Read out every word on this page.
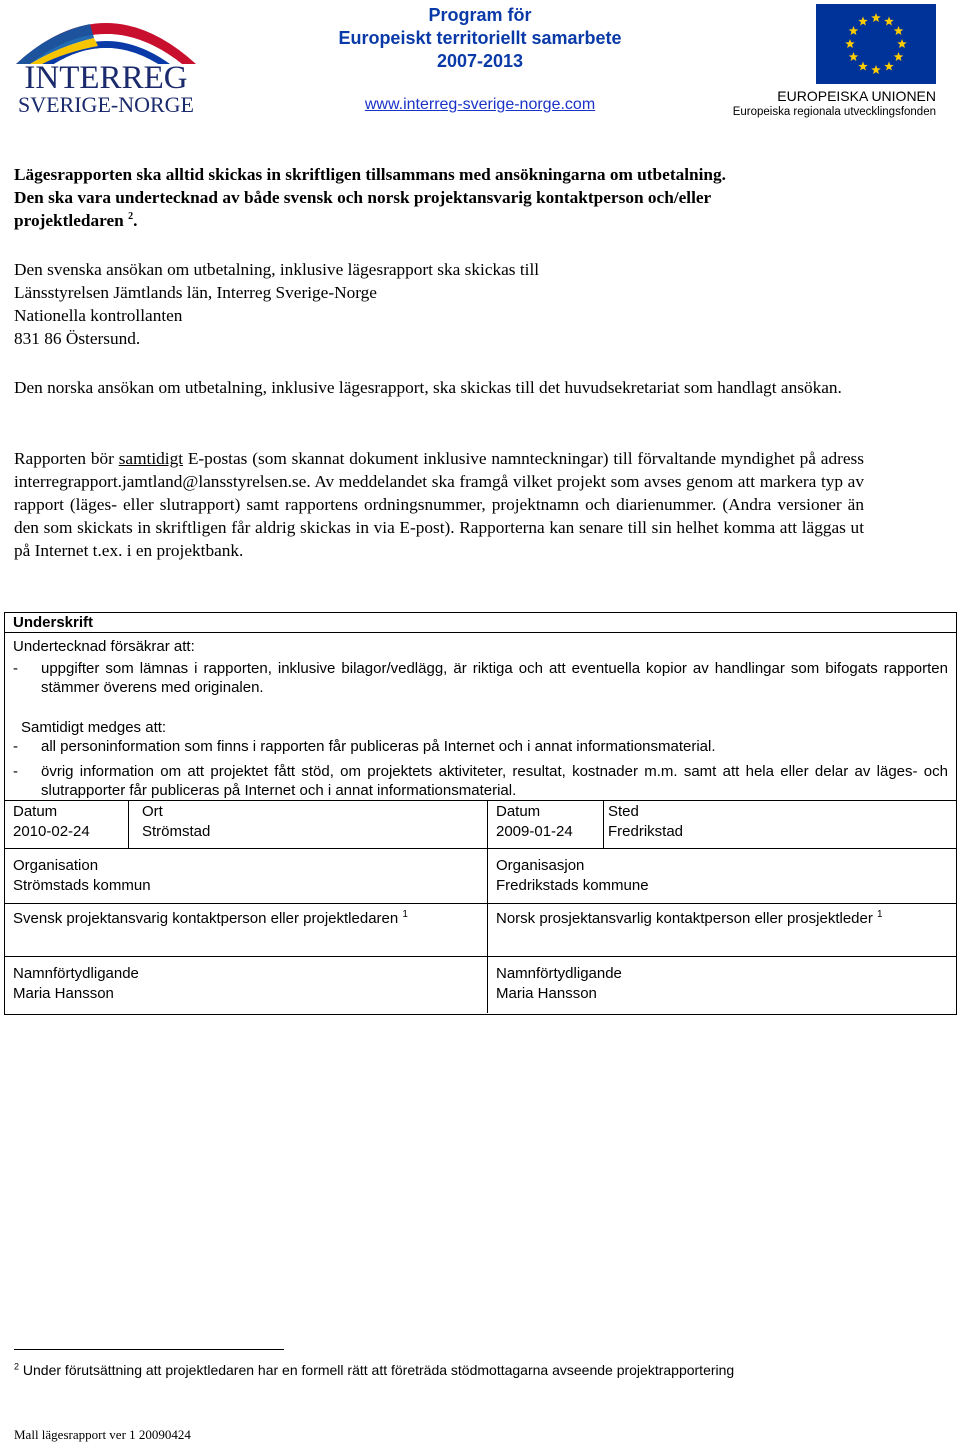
INTERREG
SVERIGE-NORGE
Program för
Europeiskt territoriellt samarbete
2007-2013
www.interreg-sverige-norge.com	EUROPEISKA UNIONEN
Europeiska regionala utvecklingsfonden
Lägesrapporten ska alltid skickas in skriftligen tillsammans med ansökningarna om utbetalning.
Den ska vara undertecknad av både svensk och norsk projektansvarig kontaktperson och/eller
projektledaren $^2$.
Den svenska ansökan om utbetalning, inklusive lägesrapport ska skickas till
Länsstyrelsen Jämtlands län, Interreg Sverige-Norge
Nationella kontrollanten
831 86 Östersund.
Den norska ansökan om utbetalning, inklusive lägesrapport, ska skickas till det huvudsekretariat som handlagt ansökan.
Rapporten bör samtidigt E-postas (som skannat dokument inklusive namnteckningar) till förvaltande myndighet på adress interregrapport.jamtland@lansstyrelsen.se. Av meddelandet ska framgå vilket projekt som avses genom att markera typ av rapport (läges- eller slutrapport) samt rapportens ordningsnummer, projektnamn och diarienummer. (Andra versioner än den som skickats in skriftligen får aldrig skickas in via E-post). Rapporterna kan senare till sin helhet komma att läggas ut på Internet t.ex. i en projektbank.
Underskrift
Undertecknad försäkrar att:
- uppgifter som lämnas i rapporten, inklusive bilagor/vedlägg, är riktiga och att eventuella kopior av handlingar som bifogats rapporten stämmer överens med originalen.
Samtidigt medges att:
- all personinformation som finns i rapporten får publiceras på Internet och i annat informationsmaterial.
- övrig information om att projektet fått stöd, om projektets aktiviteter, resultat, kostnader m.m. samt att hela eller delar av läges- och slutrapporter får publiceras på Internet och i annat informationsmaterial.
Datum
2010-02-24
Ort
Strömstad
Organisation
Strömstads kommun
Svensk projektansvarig kontaktperson eller projektledaren $^1$
Namnförtydligande
Maria Hansson
Datum
2009-01-24
Sted
Fredrikstad
Organisasjon
Fredrikstads kommune
Norsk prosjektansvarlig kontaktperson eller prosjektleder $^1$
Namnförtydligande
Maria Hansson
$^2$ Under förutsättning att projektledaren har en formell rätt att företräda stödmottagarna avseende projektrapportering
Mall lägesrapport ver 1 20090424
